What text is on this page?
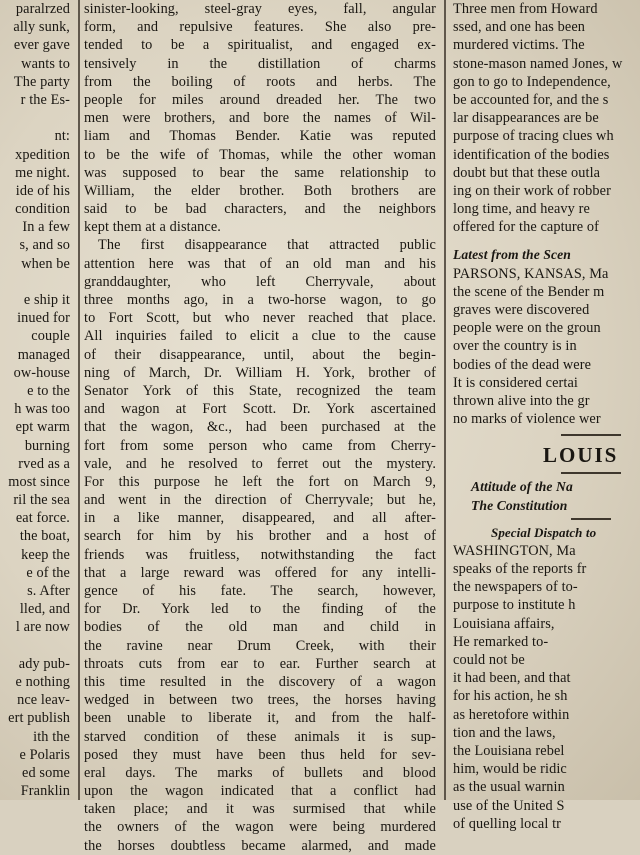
paralrzed
ally sunk,
ever gave
wants to
The party
r the Es-
nt:
xpedition
me night.
ide of his
condition
In a few
s, and so
when be
e ship it
inued for
couple
managed
ow-house
e to the
h was too
ept warm
burning
rved as a
most since
ril the sea
eat force.
the boat,
keep the
e of the
s. After
lled, and
l are now
ady pub-
e nothing
nce leav-
ert publish
ith the
e Polaris
ed some
Franklin
sinister-looking, steel-gray eyes, fall, angular
form, and repulsive features. She also pre-
tended to be a spiritualist, and engaged ex-
tensively in the distillation of charms
from the boiling of roots and herbs. The
people for miles around dreaded her. The two
men were brothers, and bore the names of Wil-
liam and Thomas Bender. Katie was reputed
to be the wife of Thomas, while the other woman
was supposed to bear the same relationship to
William, the elder brother. Both brothers are
said to be bad characters, and the neighbors
kept them at a distance.
The first disappearance that attracted public
attention here was that of an old man and his
granddaughter, who left Cherryvale, about
three months ago, in a two-horse wagon, to go
to Fort Scott, but who never reached that place.
All inquiries failed to elicit a clue to the cause
of their disappearance, until, about the begin-
ning of March, Dr. William H. York, brother of
Senator York of this State, recognized the team
and wagon at Fort Scott. Dr. York ascertained
that the wagon, &c., had been purchased at the
fort from some person who came from Cherry-
vale, and he resolved to ferret out the mystery.
For this purpose he left the fort on March 9,
and went in the direction of Cherryvale; but he,
in a like manner, disappeared, and all after-
search for him by his brother and a host of
friends was fruitless, notwithstanding the fact
that a large reward was offered for any intelli-
gence of his fate. The search, however,
for Dr. York led to the finding of the
bodies of the old man and child in
the ravine near Drum Creek, with their
throats cuts from ear to ear. Further search at
this time resulted in the discovery of a wagon
wedged in between two trees, the horses having
been unable to liberate it, and from the half-
starved condition of these animals it is sup-
posed they must have been thus held for sev-
eral days. The marks of bullets and blood
upon the wagon indicated that a conflict had
taken place; and it was surmised that while
the owners of the wagon were being murdered
the horses doubtless became alarmed, and made
Three men from Howard
ssed, and one has been
murdered victims. The
stone-mason named Jones, w
gon to go to Independence,
be accounted for, and the s
lar disappearances are be
purpose of tracing clues wh
identification of the bodies
doubt but that these outla
ing on their work of robber
long time, and heavy re
offered for the capture of
Latest from the Scen
PARSONS, KANSAS, Ma
the scene of the Bender m
graves were discovered
people were on the groun
over the country is in
bodies of the dead were
It is considered certai
thrown alive into the gr
no marks of violence wer
LOUIS
Attitude of the Na
The Constitution
Special Dispatch to
WASHINGTON, Ma
speaks of the reports fr
the newspapers of to-
purpose to institute h
Louisiana affairs,
He remarked to-
could not be
it had been, and that
for his action, he sh
as heretofore within
tion and the laws,
the Louisiana rebel
him, would be ridic
as the usual warnin
use of the United S
of quelling local tr
